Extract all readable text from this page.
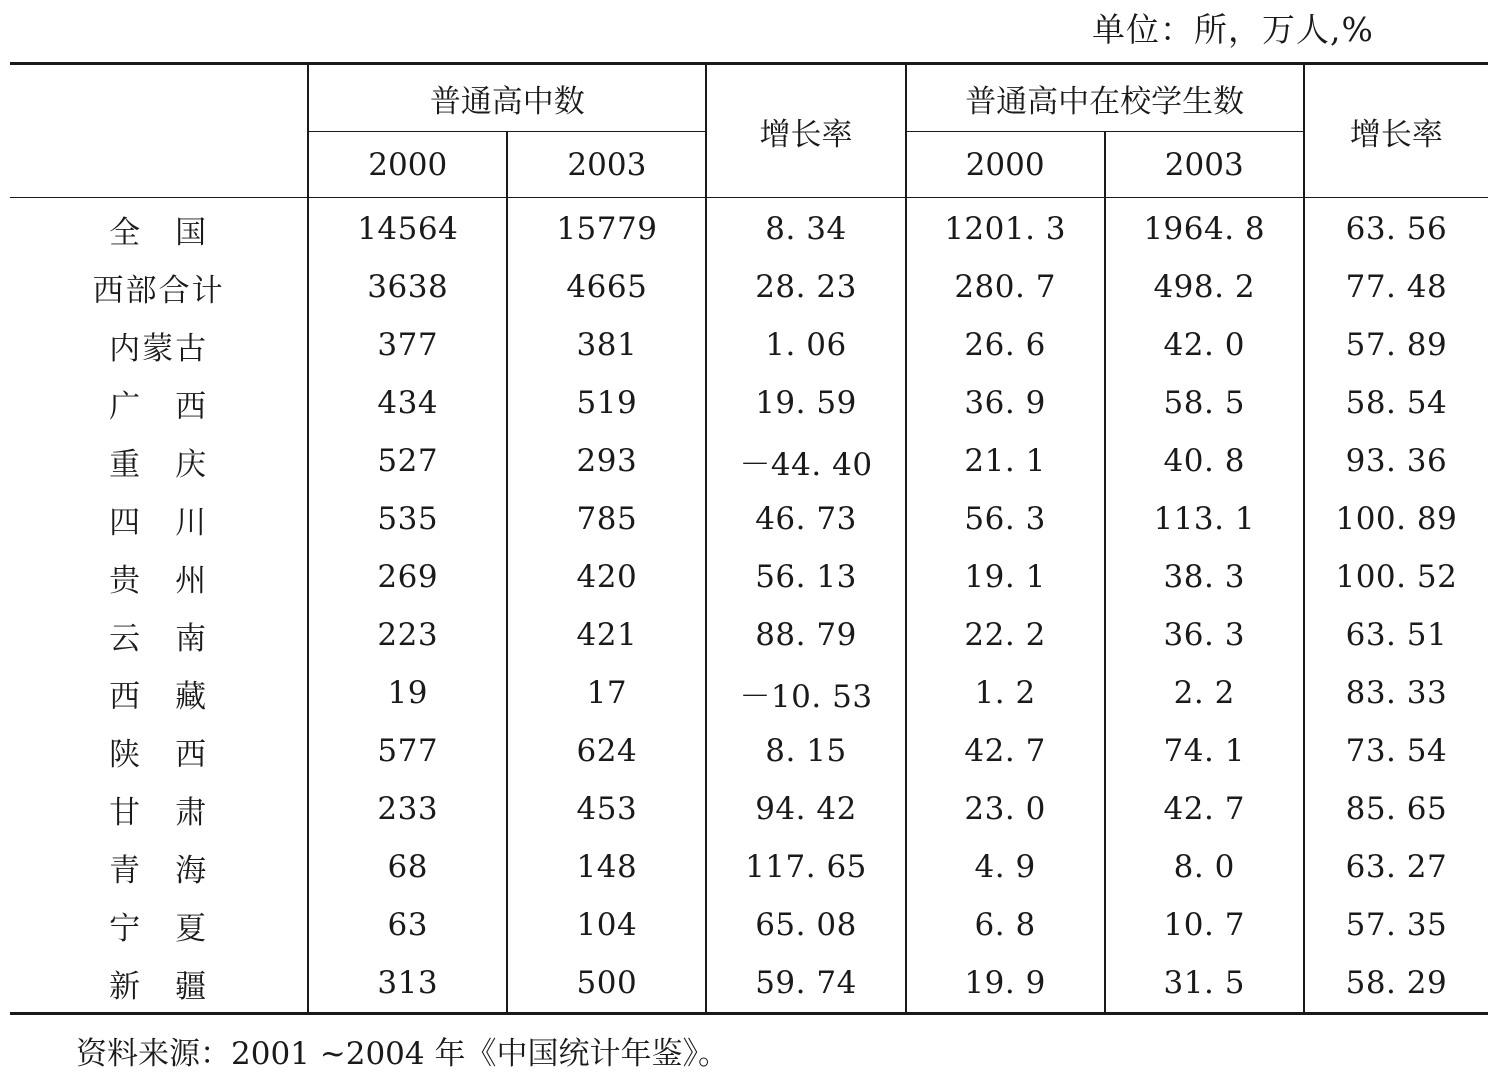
单位：所，万人,%
	普通高中数		增长率	普通高中在校学生数		增长率
	2000	2003		2000	2003	
全　国	14564	15779	8. 34	1201. 3	1964. 8	63. 56
西部合计	3638	4665	28. 23	280. 7	498. 2	77. 48
内蒙古	377	381	1. 06	26. 6	42. 0	57. 89
广　西	434	519	19. 59	36. 9	58. 5	58. 54
重　庆	527	293	－44. 40	21. 1	40. 8	93. 36
四　川	535	785	46. 73	56. 3	113. 1	100. 89
贵　州	269	420	56. 13	19. 1	38. 3	100. 52
云　南	223	421	88. 79	22. 2	36. 3	63. 51
西　藏	19	17	－10. 53	1. 2	2. 2	83. 33
陕　西	577	624	8. 15	42. 7	74. 1	73. 54
甘　肃	233	453	94. 42	23. 0	42. 7	85. 65
青　海	68	148	117. 65	4. 9	8. 0	63. 27
宁　夏	63	104	65. 08	6. 8	10. 7	57. 35
新　疆	313	500	59. 74	19. 9	31. 5	58. 29
资料来源：2001 ~2004 年《中国统计年鉴》。
